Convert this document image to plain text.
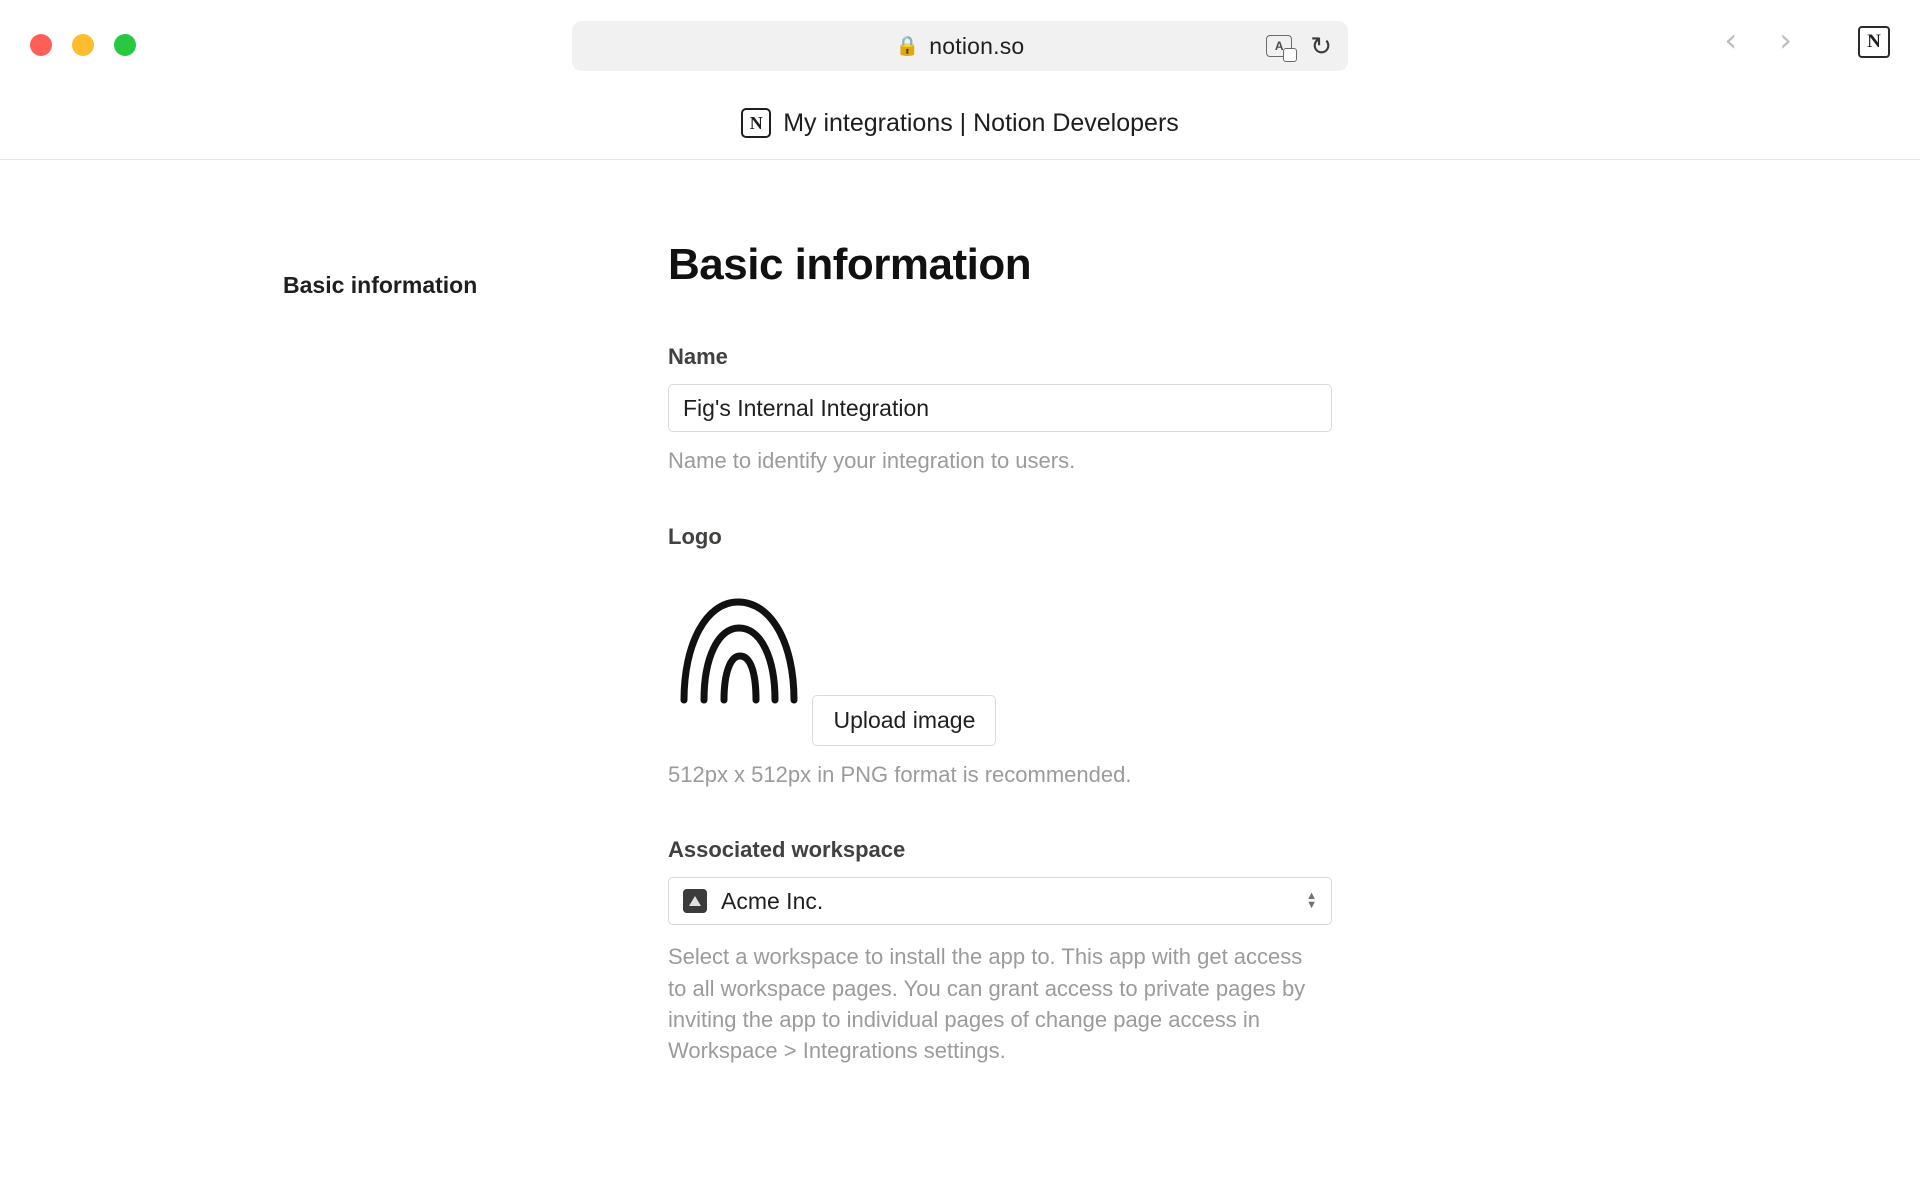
🔒 notion.so	A	↻	‹ ›	N
N My integrations | Notion Developers
Basic information	Basic information
Name
Fig's Internal Integration
Name to identify your integration to users.
Logo
Upload image
512px x 512px in PNG format is recommended.
Associated workspace
Acme Inc.	▲
▼
Select a workspace to install the app to. This app with get access to all workspace pages. You can grant access to private pages by inviting the app to individual pages of change page access in Workspace > Integrations settings.
